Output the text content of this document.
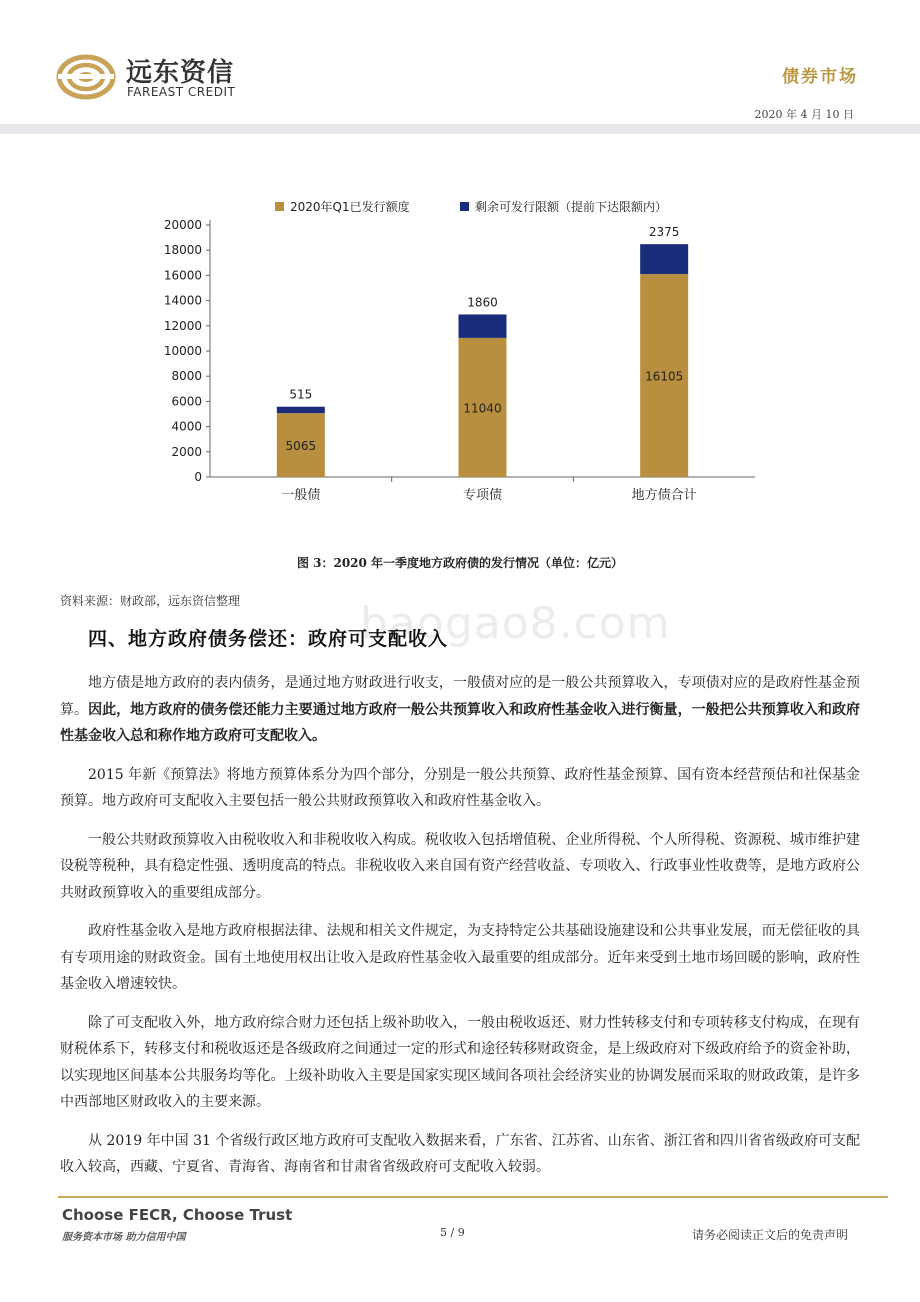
远东资信
FAREAST CREDIT
债券市场
2020 年 4 月 10 日
2020年Q1已发行额度	剩余可发行限额（提前下达限额内）
0
2000
4000
6000
8000
10000
12000
14000
16000
18000
20000
5065
515
一般债
11040
1860
专项债
16105
2375
地方债合计
图 3：2020 年一季度地方政府债的发行情况（单位：亿元）
资料来源：财政部，远东资信整理	baogao8.com
四、地方政府债务偿还：政府可支配收入

地方债是地方政府的表内债务，是通过地方财政进行收支，一般债对应的是一般公共预算收入，专项债对应的是政府性基金预算。因此，地方政府的债务偿还能力主要通过地方政府一般公共预算收入和政府性基金收入进行衡量，一般把公共预算收入和政府性基金收入总和称作地方政府可支配收入。

2015 年新《预算法》将地方预算体系分为四个部分，分别是一般公共预算、政府性基金预算、国有资本经营预估和社保基金预算。地方政府可支配收入主要包括一般公共财政预算收入和政府性基金收入。

一般公共财政预算收入由税收收入和非税收收入构成。税收收入包括增值税、企业所得税、个人所得税、资源税、城市维护建设税等税种，具有稳定性强、透明度高的特点。非税收收入来自国有资产经营收益、专项收入、行政事业性收费等，是地方政府公共财政预算收入的重要组成部分。

政府性基金收入是地方政府根据法律、法规和相关文件规定，为支持特定公共基础设施建设和公共事业发展，而无偿征收的具有专项用途的财政资金。国有土地使用权出让收入是政府性基金收入最重要的组成部分。近年来受到土地市场回暖的影响，政府性基金收入增速较快。

除了可支配收入外，地方政府综合财力还包括上级补助收入，一般由税收返还、财力性转移支付和专项转移支付构成，在现有财税体系下，转移支付和税收返还是各级政府之间通过一定的形式和途径转移财政资金，是上级政府对下级政府给予的资金补助，以实现地区间基本公共服务均等化。上级补助收入主要是国家实现区域间各项社会经济实业的协调发展而采取的财政政策，是许多中西部地区财政收入的主要来源。

从 2019 年中国 31 个省级行政区地方政府可支配收入数据来看，广东省、江苏省、山东省、浙江省和四川省省级政府可支配收入较高，西藏、宁夏省、青海省、海南省和甘肃省省级政府可支配收入较弱。

Choose FECR, Choose Trust
服务资本市场 助力信用中国	5 / 9	请务必阅读正文后的免责声明
